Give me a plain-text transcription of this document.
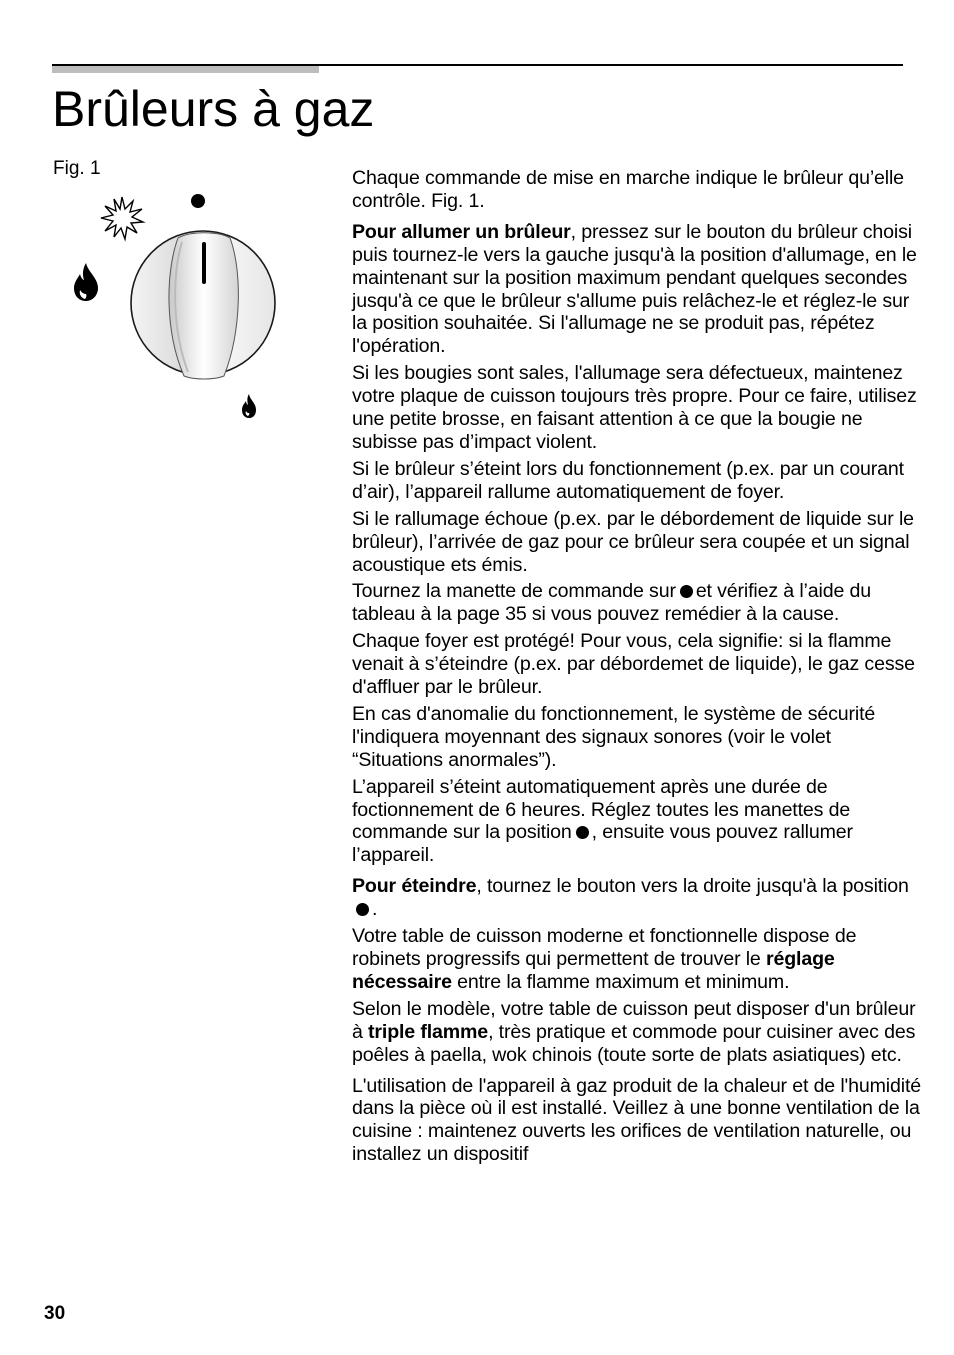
Brûleurs à gaz
Fig. 1	Chaque commande de mise en marche indique le brûleur qu’elle contrôle. Fig. 1.

Pour allumer un brûleur, pressez sur le bouton du brûleur choisi puis tournez-le vers la gauche jusqu'à la position d'allumage, en le maintenant sur la position maximum pendant quelques secondes jusqu'à ce que le brûleur s'allume puis relâchez-le et réglez-le sur la position souhaitée. Si l'allumage ne se produit pas, répétez l'opération.

Si les bougies sont sales, l'allumage sera défectueux, maintenez votre plaque de cuisson toujours très propre. Pour ce faire, utilisez une petite brosse, en faisant attention à ce que la bougie ne subisse pas d’impact violent.

Si le brûleur s’éteint lors du fonctionnement (p.ex. par un courant d’air), l’appareil rallume automatiquement de foyer.

Si le rallumage échoue (p.ex. par le débordement de liquide sur le brûleur), l’arrivée de gaz pour ce brûleur sera coupée et un signal acoustique ets émis.

Tournez la manette de commande sur et vérifiez à l’aide du tableau à la page 35 si vous pouvez remédier à la cause.

Chaque foyer est protégé! Pour vous, cela signifie: si la flamme venait à s’éteindre (p.ex. par débordemet de liquide), le gaz cesse d'affluer par le brûleur.

En cas d'anomalie du fonctionnement, le système de sécurité l'indiquera moyennant des signaux sonores (voir le volet “Situations anormales”).

L’appareil s’éteint automatiquement après une durée de foctionnement de 6 heures. Réglez toutes les manettes de commande sur la position , ensuite vous pouvez rallumer l’appareil.

Pour éteindre, tournez le bouton vers la droite jusqu'à la position.

Votre table de cuisson moderne et fonctionnelle dispose de robinets progressifs qui permettent de trouver le réglage nécessaire entre la flamme maximum et minimum.

Selon le modèle, votre table de cuisson peut disposer d'un brûleur à triple flamme, très pratique et commode pour cuisiner avec des poêles à paella, wok chinois (toute sorte de plats asiatiques) etc.

L'utilisation de l'appareil à gaz produit de la chaleur et de l'humidité dans la pièce où il est installé. Veillez à une bonne ventilation de la cuisine : maintenez ouverts les orifices de ventilation naturelle, ou installez un dispositif

30
